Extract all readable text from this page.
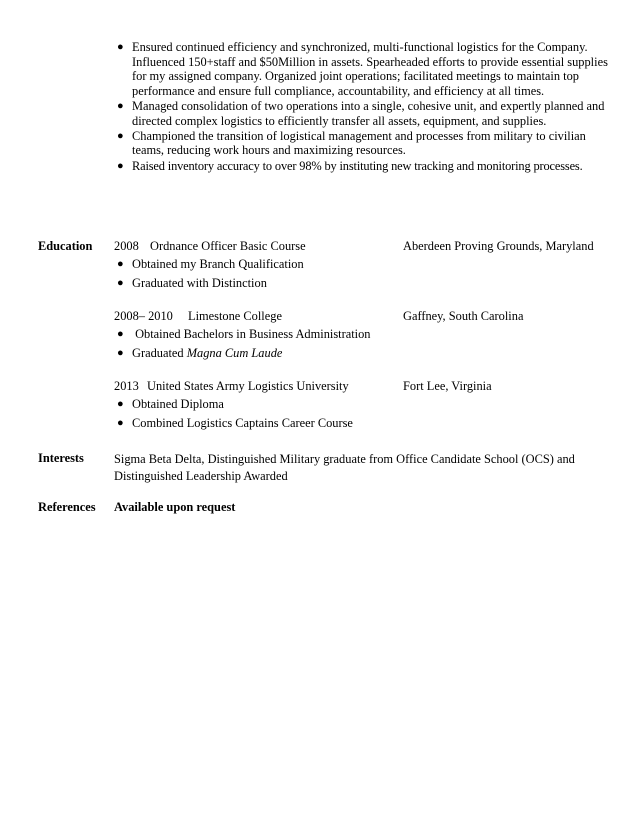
● Ensured continued efficiency and synchronized, multi-functional logistics for the Company. Influenced 150+staff and $50Million in assets. Spearheaded efforts to provide essential supplies for my assigned company. Organized joint operations; facilitated meetings to maintain top performance and ensure full compliance, accountability, and efficiency at all times.
● Managed consolidation of two operations into a single, cohesive unit, and expertly planned and directed complex logistics to efficiently transfer all assets, equipment, and supplies.
● Championed the transition of logistical management and processes from military to civilian teams, reducing work hours and maximizing resources.
● Raised inventory accuracy to over 98% by instituting new tracking and monitoring processes.
Education 2008 Ordnance Officer Basic Course	Aberdeen Proving Grounds, Maryland
● Obtained my Branch Qualification
● Graduated with Distinction
2008– 2010 Limestone College	Gaffney, South Carolina
● Obtained Bachelors in Business Administration
● Graduated Magna Cum Laude
2013 United States Army Logistics University	Fort Lee, Virginia
● Obtained Diploma
● Combined Logistics Captains Career Course
Interests Sigma Beta Delta, Distinguished Military graduate from Office Candidate School (OCS) and Distinguished Leadership Awarded
References Available upon request
